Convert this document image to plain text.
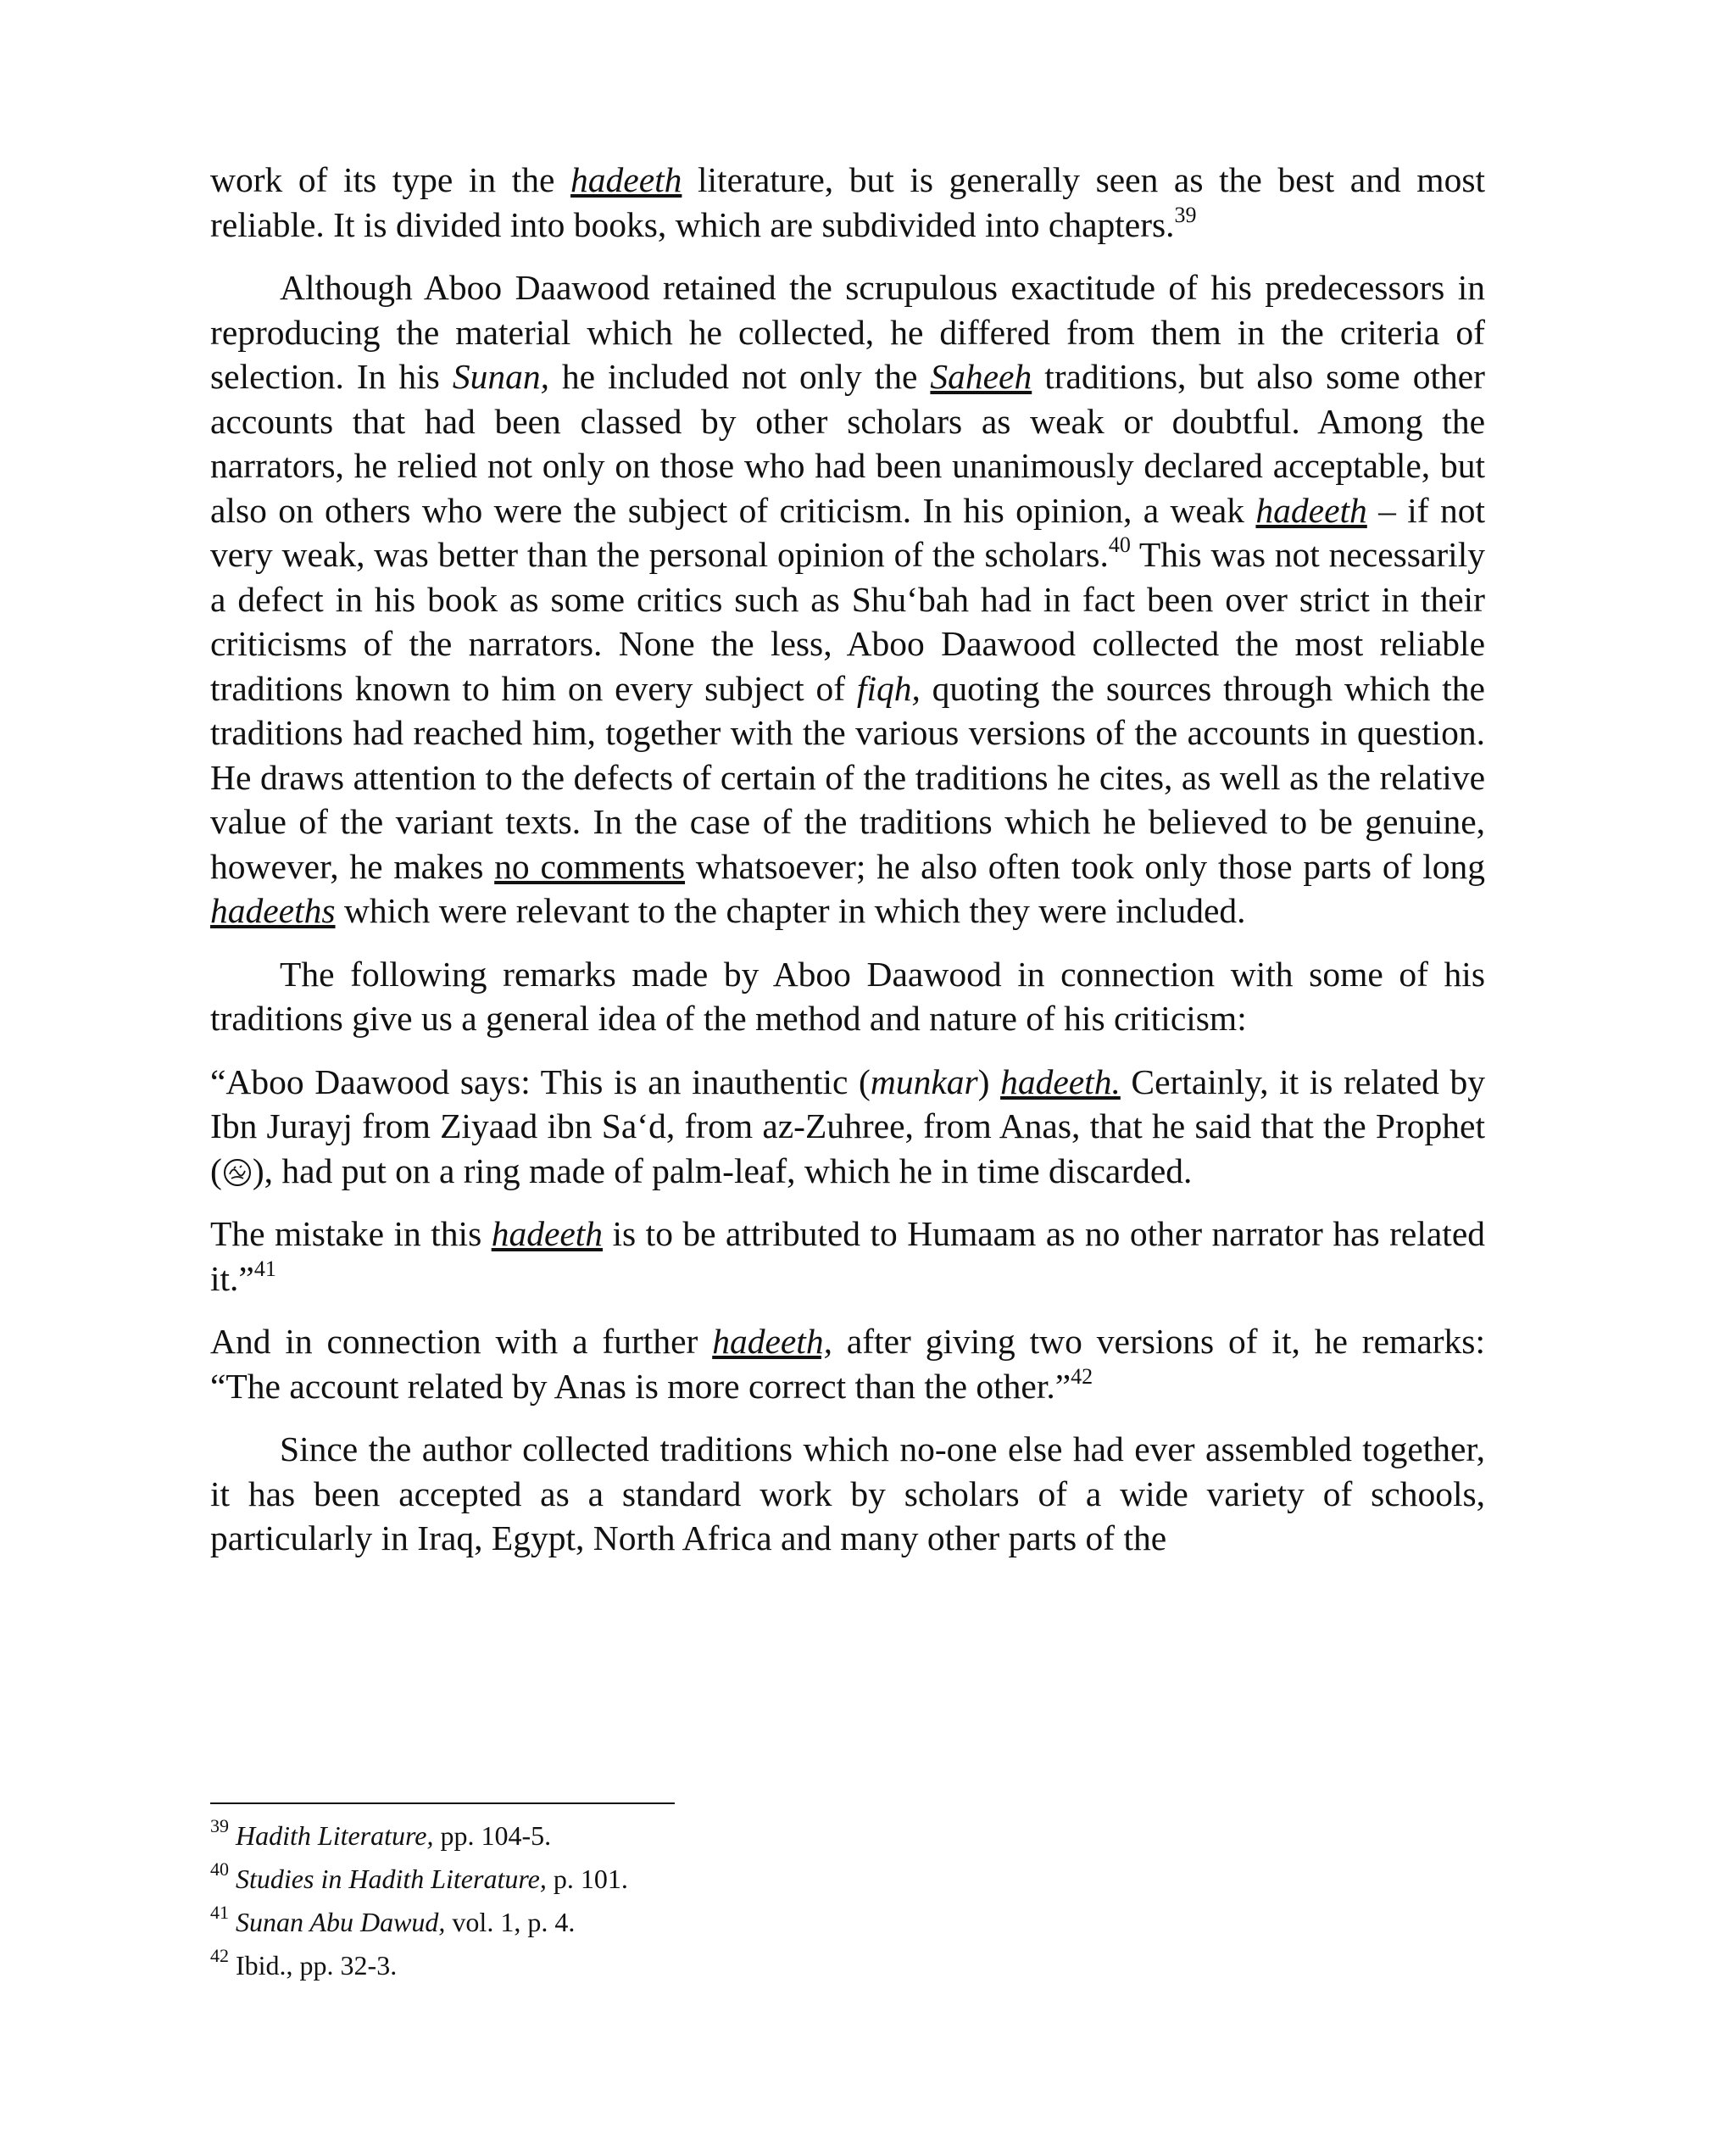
work of its type in the hadeeth literature, but is generally seen as the best and most reliable. It is divided into books, which are subdivided into chapters.$^{39}$

Although Aboo Daawood retained the scrupulous exactitude of his predecessors in reproducing the material which he collected, he differed from them in the criteria of selection. In his Sunan, he included not only the Saheeh traditions, but also some other accounts that had been classed by other scholars as weak or doubtful. Among the narrators, he relied not only on those who had been unanimously declared acceptable, but also on others who were the subject of criticism. In his opinion, a weak hadeeth – if not very weak, was better than the personal opinion of the scholars.$^{40}$ This was not necessarily a defect in his book as some critics such as Shu‘bah had in fact been over strict in their criticisms of the narrators. None the less, Aboo Daawood collected the most reliable traditions known to him on every subject of fiqh, quoting the sources through which the traditions had reached him, together with the various versions of the accounts in question. He draws attention to the defects of certain of the traditions he cites, as well as the relative value of the variant texts. In the case of the traditions which he believed to be genuine, however, he makes no comments whatsoever; he also often took only those parts of long hadeeths which were relevant to the chapter in which they were included.

The following remarks made by Aboo Daawood in connection with some of his traditions give us a general idea of the method and nature of his criticism:

“Aboo Daawood says: This is an inauthentic (munkar) hadeeth. Certainly, it is related by Ibn Jurayj from Ziyaad ibn Sa‘d, from az-Zuhree, from Anas, that he said that the Prophet ( ), had put on a ring made of palm-leaf, which he in time discarded.

The mistake in this hadeeth is to be attributed to Humaam as no other narrator has related it.”$^{41}$

And in connection with a further hadeeth, after giving two versions of it, he remarks: “The account related by Anas is more correct than the other.”$^{42}$

Since the author collected traditions which no-one else had ever assembled together, it has been accepted as a standard work by scholars of a wide variety of schools, particularly in Iraq, Egypt, North Africa and many other parts of the

$^{39}$ Hadith Literature, pp. 104-5.
$^{40}$ Studies in Hadith Literature, p. 101.
$^{41}$ Sunan Abu Dawud, vol. 1, p. 4.
$^{42}$ Ibid., pp. 32-3.
